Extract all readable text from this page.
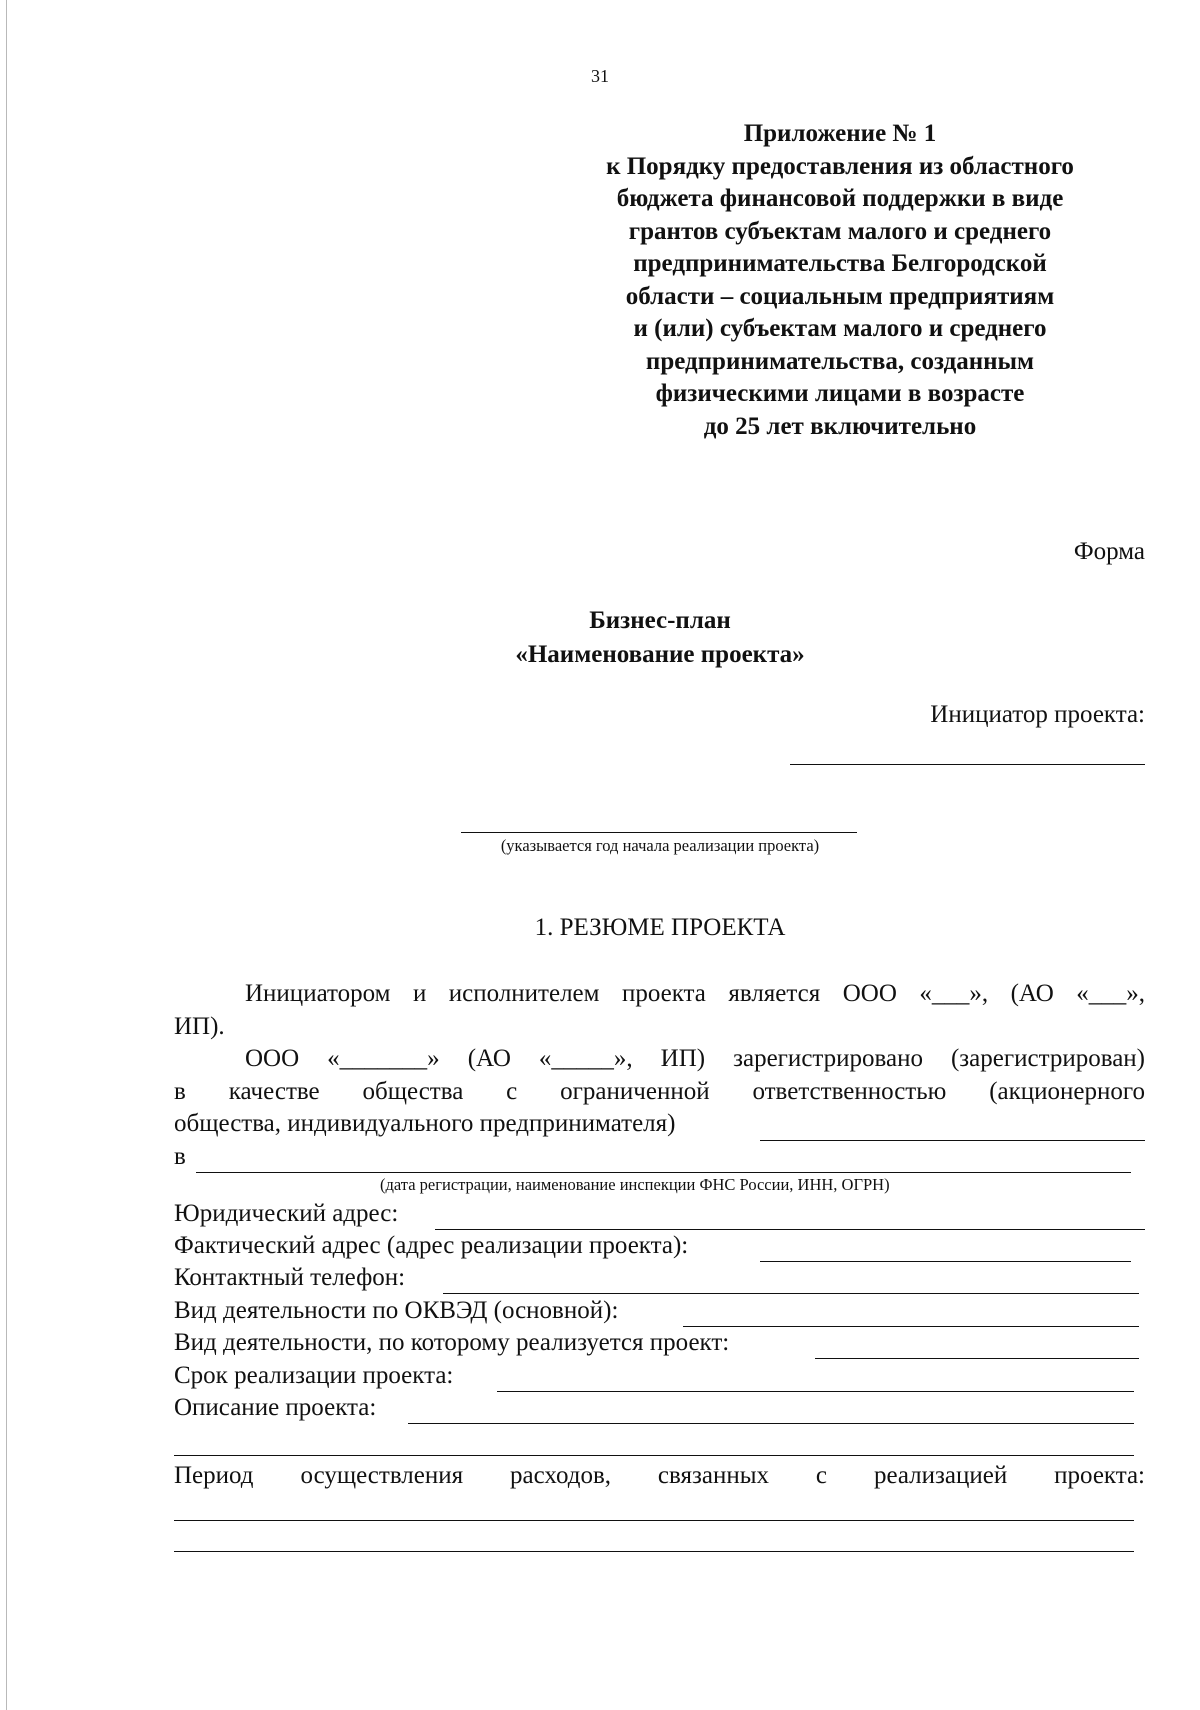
31
Приложение № 1
к Порядку предоставления из областного
бюджета финансовой поддержки в виде
грантов субъектам малого и среднего
предпринимательства Белгородской
области – социальным предприятиям
и (или) субъектам малого и среднего
предпринимательства, созданным
физическими лицами в возрасте
до 25 лет включительно
Форма
Бизнес-план
«Наименование проекта»
Инициатор проекта:
(указывается год начала реализации проекта)
1. РЕЗЮМЕ ПРОЕКТА
Инициатором и исполнителем проекта является ООО «___», (АО «___»,
ИП).
ООО «_______» (АО «_____», ИП) зарегистрировано (зарегистрирован)
в качестве общества с ограниченной ответственностью (акционерного
общества, индивидуального предпринимателя)
в
(дата регистрации, наименование инспекции ФНС России, ИНН, ОГРН)
Юридический адрес:
Фактический адрес (адрес реализации проекта):
Контактный телефон:
Вид деятельности по ОКВЭД (основной):
Вид деятельности, по которому реализуется проект:
Срок реализации проекта:
Описание проекта:
Период осуществления расходов, связанных с реализацией проекта:
